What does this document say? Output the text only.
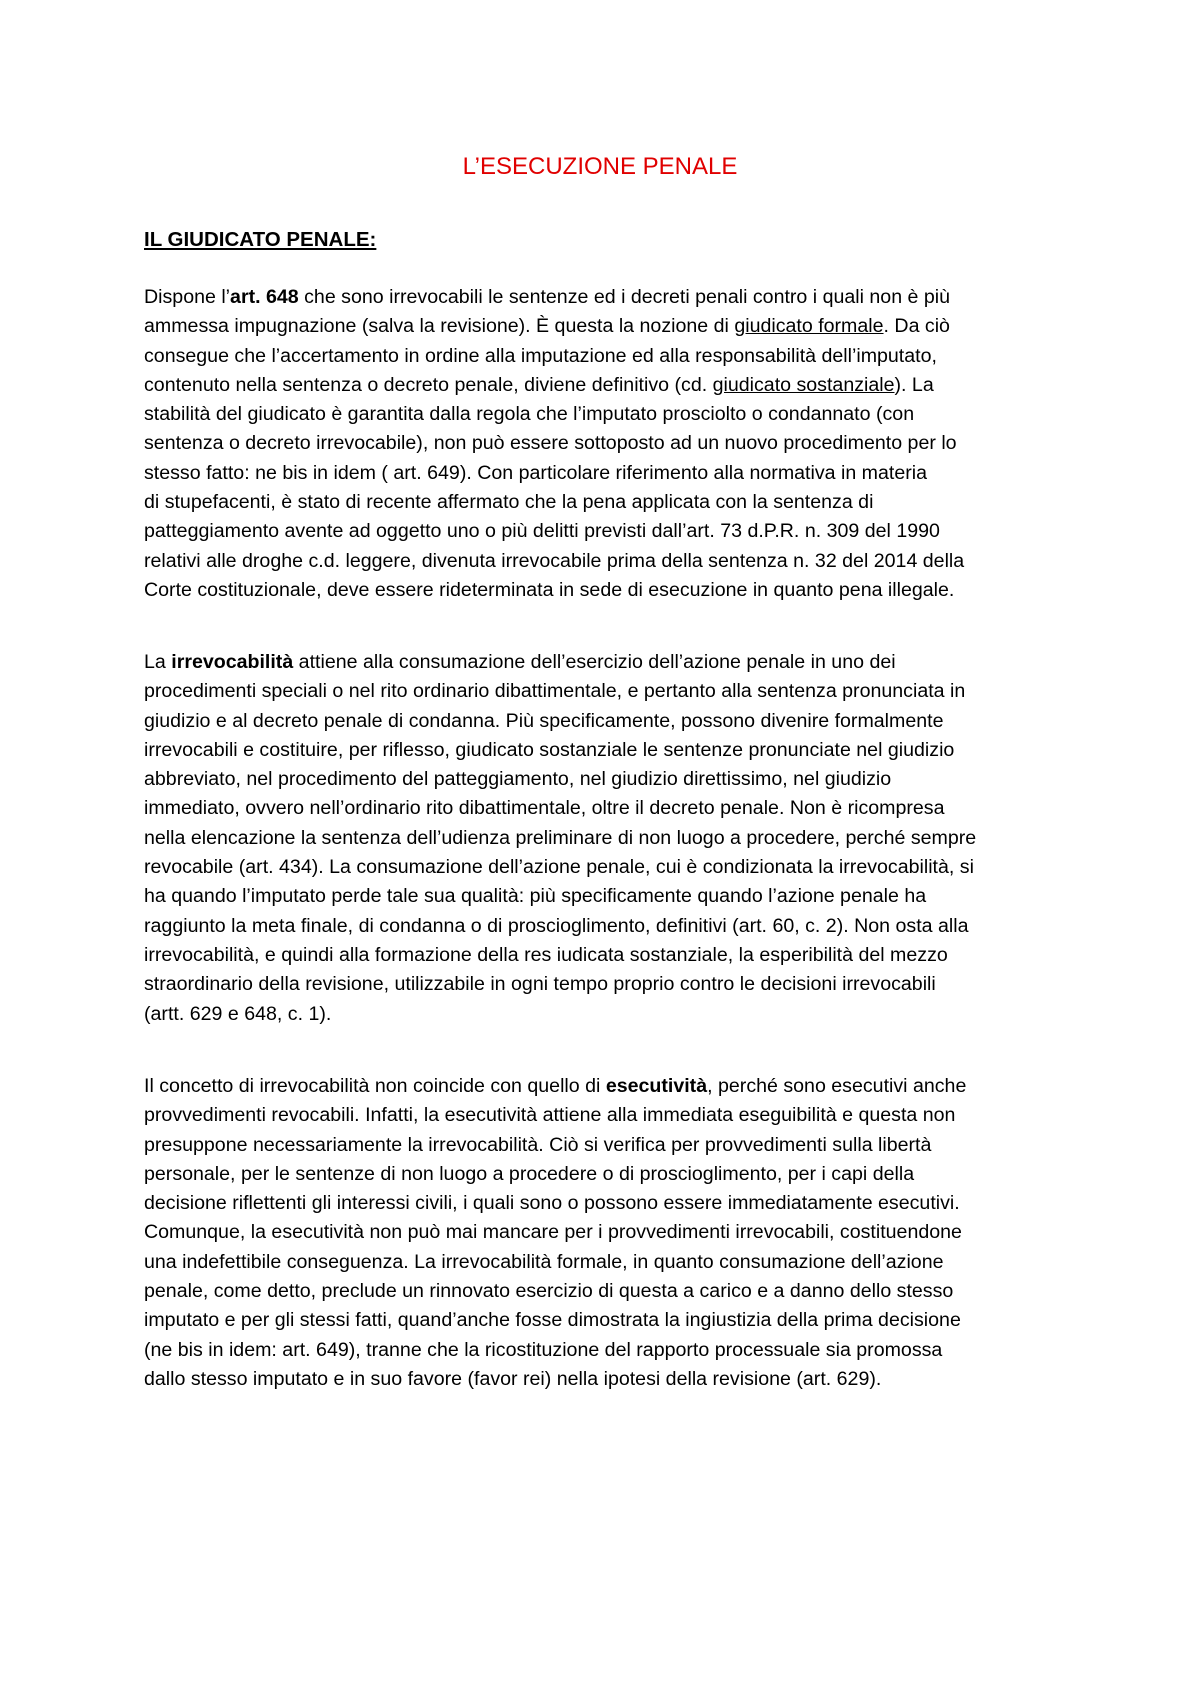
L’ESECUZIONE PENALE
IL GIUDICATO PENALE:

Dispone l’art. 648 che sono irrevocabili le sentenze ed i decreti penali contro i quali non è più
ammessa impugnazione (salva la revisione). È questa la nozione di giudicato formale. Da ciò
consegue che l’accertamento in ordine alla imputazione ed alla responsabilità dell’imputato,
contenuto nella sentenza o decreto penale, diviene definitivo (cd. giudicato sostanziale). La
stabilità del giudicato è garantita dalla regola che l’imputato prosciolto o condannato (con
sentenza o decreto irrevocabile), non può essere sottoposto ad un nuovo procedimento per lo
stesso fatto: ne bis in idem ( art. 649). Con particolare riferimento alla normativa in materia
di stupefacenti, è stato di recente affermato che la pena applicata con la sentenza di
patteggiamento avente ad oggetto uno o più delitti previsti dall’art. 73 d.P.R. n. 309 del 1990
relativi alle droghe c.d. leggere, divenuta irrevocabile prima della sentenza n. 32 del 2014 della
Corte costituzionale, deve essere rideterminata in sede di esecuzione in quanto pena illegale.

La irrevocabilità attiene alla consumazione dell’esercizio dell’azione penale in uno dei
procedimenti speciali o nel rito ordinario dibattimentale, e pertanto alla sentenza pronunciata in
giudizio e al decreto penale di condanna. Più specificamente, possono divenire formalmente
irrevocabili e costituire, per riflesso, giudicato sostanziale le sentenze pronunciate nel giudizio
abbreviato, nel procedimento del patteggiamento, nel giudizio direttissimo, nel giudizio
immediato, ovvero nell’ordinario rito dibattimentale, oltre il decreto penale. Non è ricompresa
nella elencazione la sentenza dell’udienza preliminare di non luogo a procedere, perché sempre
revocabile (art. 434). La consumazione dell’azione penale, cui è condizionata la irrevocabilità, si
ha quando l’imputato perde tale sua qualità: più specificamente quando l’azione penale ha
raggiunto la meta finale, di condanna o di proscioglimento, definitivi (art. 60, c. 2). Non osta alla
irrevocabilità, e quindi alla formazione della res iudicata sostanziale, la esperibilità del mezzo
straordinario della revisione, utilizzabile in ogni tempo proprio contro le decisioni irrevocabili
(artt. 629 e 648, c. 1).

Il concetto di irrevocabilità non coincide con quello di esecutività, perché sono esecutivi anche
provvedimenti revocabili. Infatti, la esecutività attiene alla immediata eseguibilità e questa non
presuppone necessariamente la irrevocabilità. Ciò si verifica per provvedimenti sulla libertà
personale, per le sentenze di non luogo a procedere o di proscioglimento, per i capi della
decisione riflettenti gli interessi civili, i quali sono o possono essere immediatamente esecutivi.
Comunque, la esecutività non può mai mancare per i provvedimenti irrevocabili, costituendone
una indefettibile conseguenza. La irrevocabilità formale, in quanto consumazione dell’azione
penale, come detto, preclude un rinnovato esercizio di questa a carico e a danno dello stesso
imputato e per gli stessi fatti, quand’anche fosse dimostrata la ingiustizia della prima decisione
(ne bis in idem: art. 649), tranne che la ricostituzione del rapporto processuale sia promossa
dallo stesso imputato e in suo favore (favor rei) nella ipotesi della revisione (art. 629).
